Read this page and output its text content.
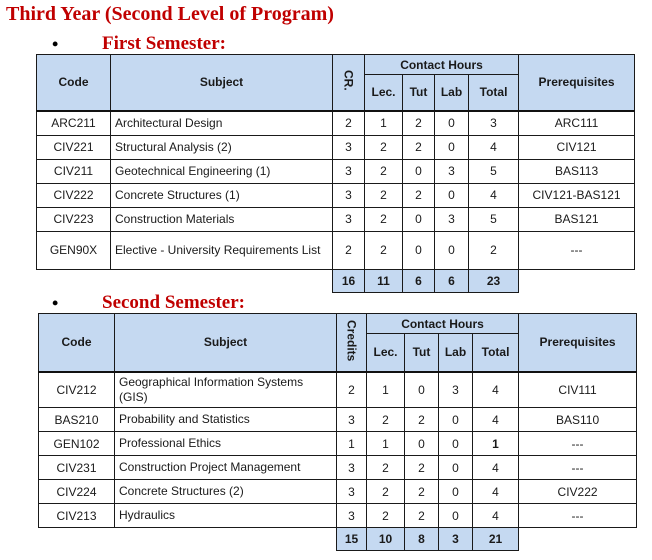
Third Year (Second Level of Program)
• First Semester:
Code	Subject	CR.	Contact Hours				Prerequisites
			Lec.	Tut	Lab	Total	
ARC211	Architectural Design	2	1	2	0	3	ARC111
CIV221	Structural Analysis (2)	3	2	2	0	4	CIV121
CIV211	Geotechnical Engineering (1)	3	2	0	3	5	BAS113
CIV222	Concrete Structures (1)	3	2	2	0	4	CIV121-BAS121
CIV223	Construction Materials	3	2	0	3	5	BAS121
GEN90X	Elective - University Requirements List	2	2	0	0	2	---
		16	11	6	6	23	
• Second Semester:
Code	Subject	Credits	Contact Hours				Prerequisites
			Lec.	Tut	Lab	Total	
CIV212	Geographical Information Systems (GIS)	2	1	0	3	4	CIV111
BAS210	Probability and Statistics	3	2	2	0	4	BAS110
GEN102	Professional Ethics	1	1	0	0	1	---
CIV231	Construction Project Management	3	2	2	0	4	---
CIV224	Concrete Structures (2)	3	2	2	0	4	CIV222
CIV213	Hydraulics	3	2	2	0	4	---
		15	10	8	3	21	
